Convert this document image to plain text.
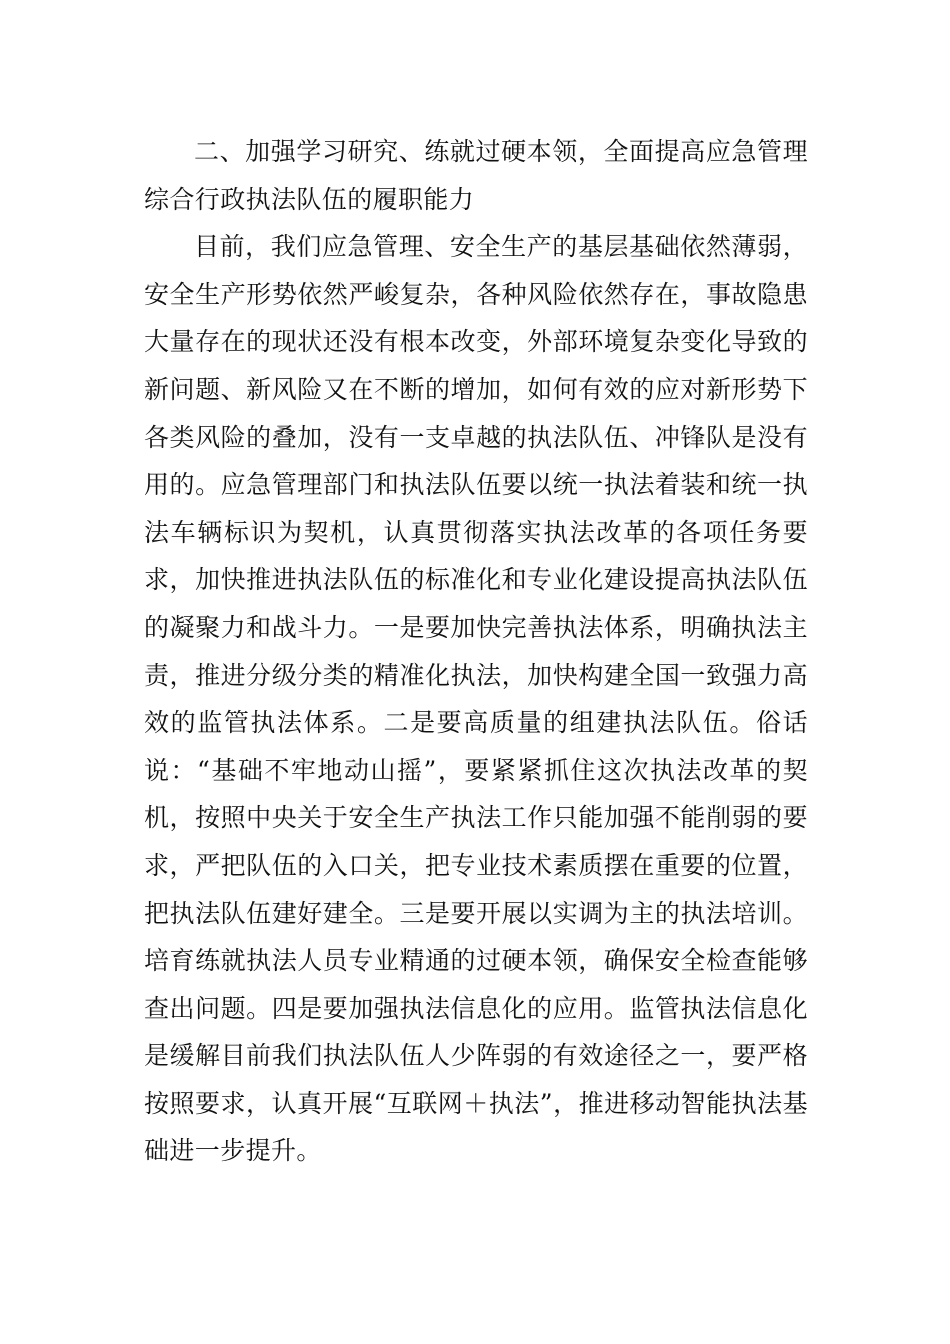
二、加强学习研究、练就过硬本领，全面提高应急管理综合行政执法队伍的履职能力

目前，我们应急管理、安全生产的基层基础依然薄弱，安全生产形势依然严峻复杂，各种风险依然存在，事故隐患大量存在的现状还没有根本改变，外部环境复杂变化导致的新问题、新风险又在不断的增加，如何有效的应对新形势下各类风险的叠加，没有一支卓越的执法队伍、冲锋队是没有用的。应急管理部门和执法队伍要以统一执法着装和统一执法车辆标识为契机，认真贯彻落实执法改革的各项任务要求，加快推进执法队伍的标准化和专业化建设提高执法队伍的凝聚力和战斗力。一是要加快完善执法体系，明确执法主责，推进分级分类的精准化执法，加快构建全国一致强力高效的监管执法体系。二是要高质量的组建执法队伍。俗话说：“基础不牢地动山摇”，要紧紧抓住这次执法改革的契机，按照中央关于安全生产执法工作只能加强不能削弱的要求，严把队伍的入口关，把专业技术素质摆在重要的位置，把执法队伍建好建全。三是要开展以实调为主的执法培训。培育练就执法人员专业精通的过硬本领，确保安全检查能够查出问题。四是要加强执法信息化的应用。监管执法信息化是缓解目前我们执法队伍人少阵弱的有效途径之一，要严格按照要求，认真开展“互联网＋执法”，推进移动智能执法基础进一步提升。
